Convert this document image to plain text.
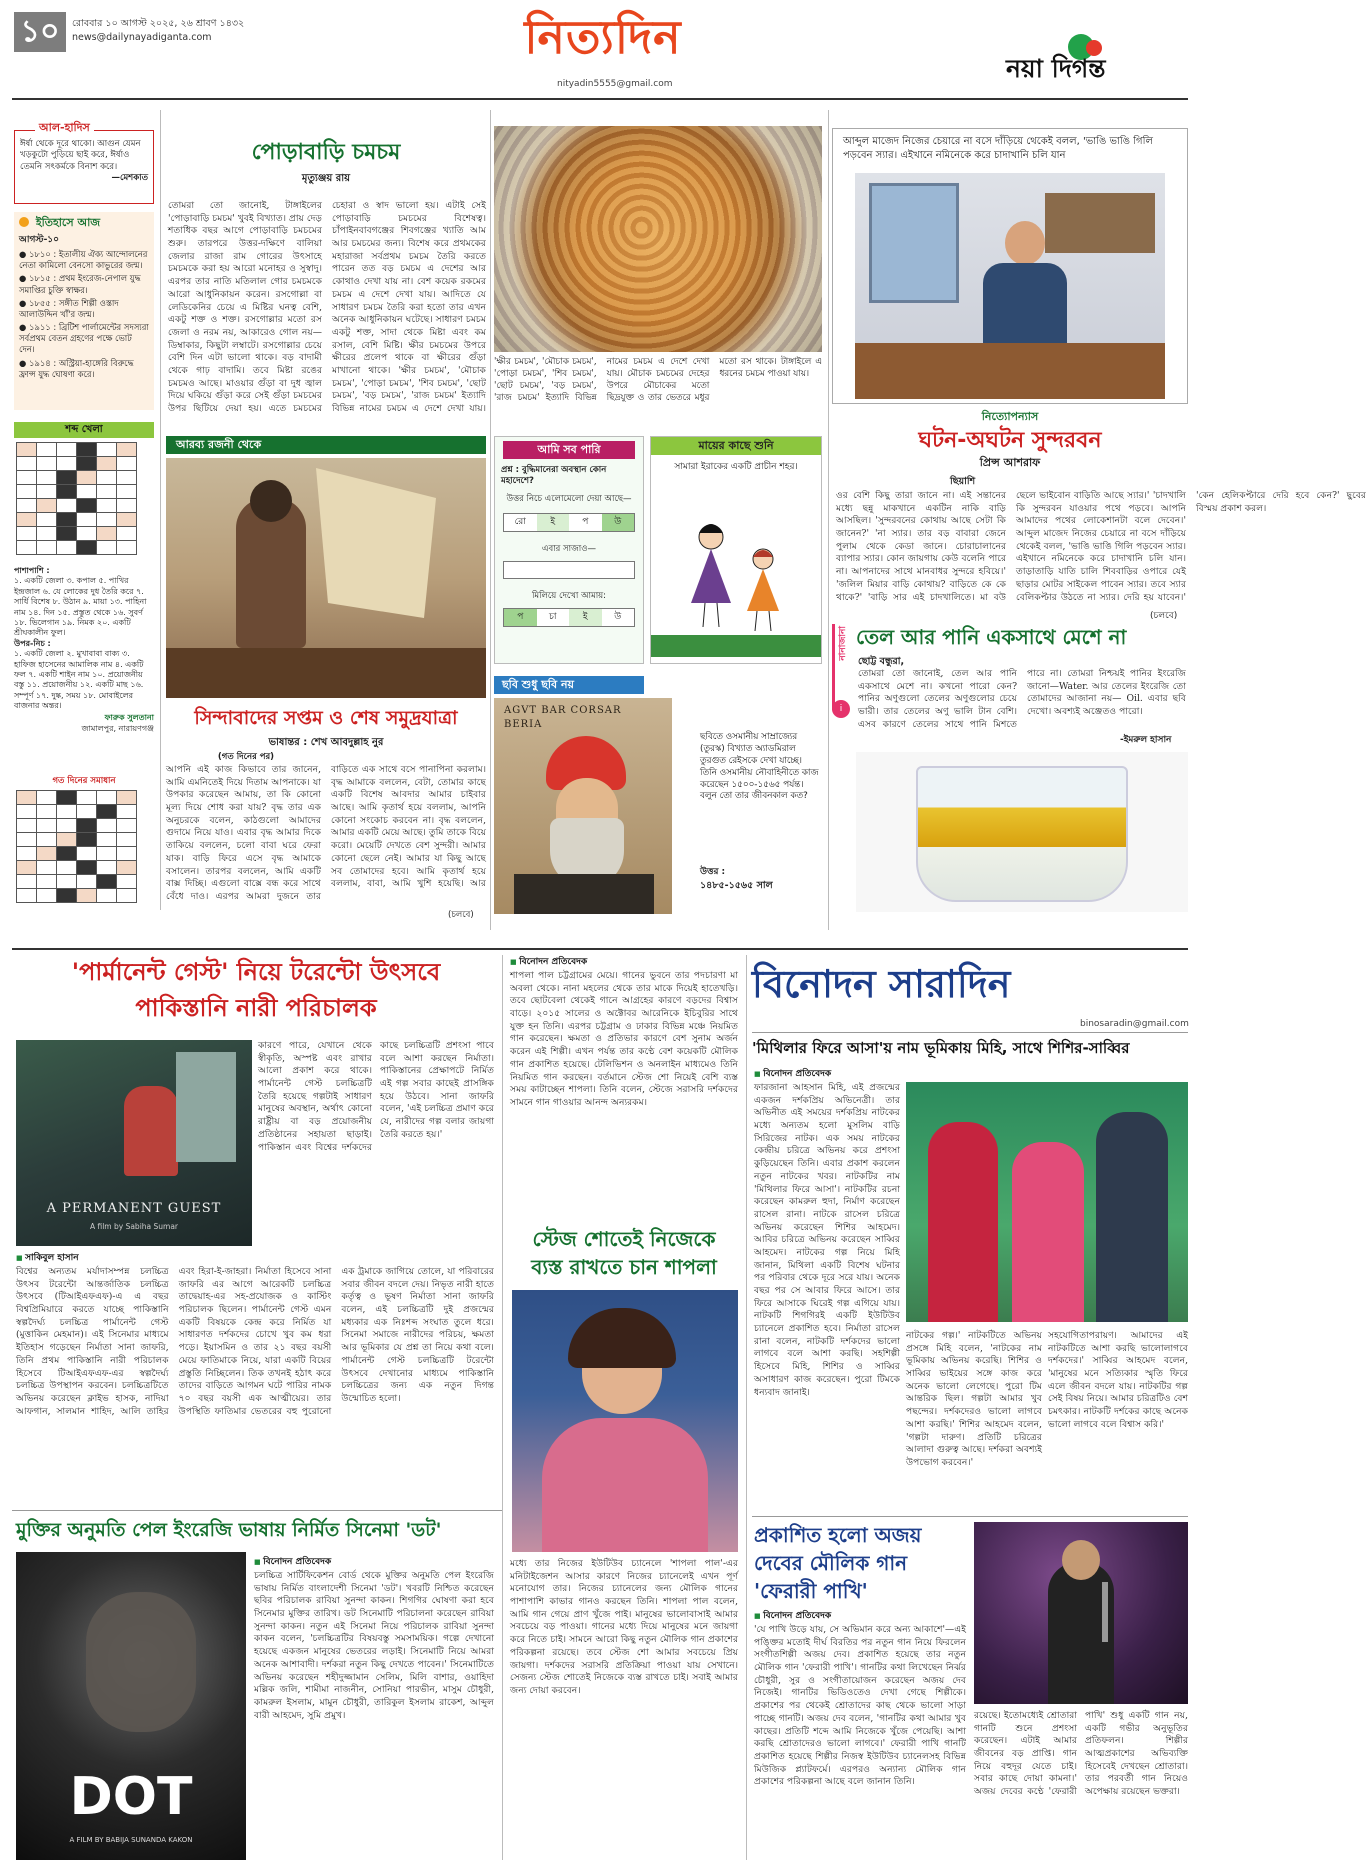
১০	রোববার ১০ আগস্ট ২০২৫, ২৬ শ্রাবণ ১৪৩২
news@dailynayadiganta.com	নিত্যদিন
nityadin5555@gmail.com
নয়া দিগন্ত
আল-হাদিস
ঈর্ষা থেকে দূরে থাকো। আগুন যেমন খড়কুটো পুড়িয়ে ছাই করে, ঈর্ষাও তেমনি সৎকর্মকে বিনাশ করে।
—মেশকাত
ইতিহাসে আজ
আগস্ট-১০
● ১৮১০ : ইতালীয় ঐক্য আন্দোলনের নেতা কামিলো বেনসো কাভুরের জন্ম।
● ১৮১৫ : প্রথম ইংরেজ-নেপাল যুদ্ধ সমাপ্তির চুক্তি স্বাক্ষর।
● ১৮৫৫ : সঙ্গীত শিল্পী ওস্তাদ আলাউদ্দিন খাঁ'র জন্ম।
● ১৯১১ : ব্রিটিশ পার্লামেন্টের সদস্যরা সর্বপ্রথম বেতন গ্রহণের পক্ষে ভোট দেন।
● ১৯১৪ : অস্ট্রিয়া-হাঙ্গেরি বিরুদ্ধে ফ্রান্স যুদ্ধ ঘোষণা করে।
শব্দ খেলা

পাশাপাশি :
১. একটি জেলা ৩. কপাল ৫. পাখির ইন্দ্রজাল ৬. যে লোকের দুধ তৈরি করে ৭. সার্ধি বিশেষ ৮. উঠান ৯. মায়া ১৩. পাহিনা নাম ১৪. দিন ১৫. প্রস্তুত থেকে ১৬. সুবর্ণ ১৮. ভিলেগান ১৯. নিমক ২০. একটি শ্রীঘকালীন ফুল।
উপর-নিচ :
১. একটি জেলা ২. মুখাবাবা বাক্য ৩. হাফিজ হাসেনের আমালিক নাম ৪. একটি ফল ৭. একটি শাইন নাম ১০. প্রয়োজনীয় বস্তু ১১. প্রয়োজনীয় ১২. একটি মাছ ১৬. সম্পূর্ণ ১৭. দুষ্ক, সময় ১৮. মোবাইলের বাজনার অন্তর।
ফারুক সুলতানা
জামালপুর, নারায়ণগঞ্জ
গত দিনের সমাধান

পোড়াবাড়ি চমচম
মৃত্যুঞ্জয় রায়
তোমরা তো জানোই, টাঙ্গাইলের 'পোড়াবাড়ি চমচম' খুবই বিখ্যাত। প্রায় দেড় শতাধিক বছর আগে পোড়াবাড়ি চমচমের শুরু। তারপরে উত্তর-দক্ষিণে বালিয়া জেলার রাজা রাম গোরের উৎসাহে চমচমকে করা হয় আরো মনোহর ও সুস্বাদু। এরপর তার নাতি মতিলাল গোর চমচমকে আরো আধুনিকায়ন করেন। রসগোল্লা বা লেডিকেনির চেয়ে এ মিষ্টির ঘনত্ব বেশি, একটু শক্ত ও শক্ত। রসগোল্লার মতো রস জেলা ও নরম নয়, আকারেও গোল নয়—ডিম্বাকার, কিছুটা লম্বাটে। রসগোল্লার চেয়ে বেশি দিন এটা ভালো থাকে। বড় বাদামী থেকে গাঢ় বাদামি। তবে মিষ্টা রঙের চমচমও আছে। মাওয়ার গুঁড়া বা দুধ জ্বাল দিয়ে ঘকিয়ে গুঁড়া করে সেই গুঁড়া চমচমের উপর ছিটিয়ে দেয়া হয়। এতে চমচমের চেহারা ও স্বাদ ভালো হয়। এটাই সেই পোড়াবাড়ি চমচমের বিশেষত্ব। চাঁপাইনবাবগঞ্জের শিবগঞ্জের খ্যাতি আম আর চমচমের জন্য। বিশেষ করে প্রথমকের মহারাজা সর্বপ্রথম চমচম তৈরি করতে পারেন তত বড় চমচম এ দেশের আর কোথাও দেখা যায় না। বেশ কয়েক রকমের চমচম এ দেশে দেখা যায়। আদিতে যে সাধারণ চমচম তৈরি করা হতো তার এখন অনেক আধুনিকায়ন ঘটেছে। সাধারণ চমচম একটু শক্ত, সাদা থেকে মিষ্টা এবং কম রসাল, বেশি মিষ্টি। ক্ষীর চমচমের উপরে ক্ষীরের প্রলেপ থাকে বা ক্ষীরের গুঁড়া মাখানো থাকে। 'ক্ষীর চমচম', 'মৌচাক চমচম', 'পোড়া চমচম', 'শিব চমচম', 'ছোট চমচম', 'বড় চমচম', 'রাজ চমচম' ইত্যাদি বিভিন্ন নামের চমচম এ দেশে দেখা যায়।
'ক্ষীর চমচম', 'মৌচাক চমচম', 'পোড়া চমচম', 'শিব চমচম', 'ছোট চমচম', 'বড় চমচম', 'রাজ চমচম' ইত্যাদি বিভিন্ন নামের চমচম এ দেশে দেখা যায়। মৌচাক চমচমের দেহের উপরে মৌচাকের মতো ছিদ্রযুক্ত ও তার ভেতরে মধুর মতো রস থাকে। টাঙ্গাইলে এ ধরনের চমচম পাওয়া যায়।
আব্দুল মাজেদ নিজের চেয়ারে না বসে দাঁড়িয়ে থেকেই বলল, 'ভাঙি ভাঙি গিলি পড়বেন স্যার। এইখানে নমিনেকে করে চাদাখানি চলি যান
নিত্যোপন্যাস
ঘটন-অঘটন সুন্দরবন
প্রিন্স আশরাফ
ছিয়াশি
ওর বেশি কিছু তারা জানে না। এই সন্তানের মধ্যে ছন্নু মাকখানে একটিন নাকি বাড়ি আসছিল। 'সুন্দরবনের কোথায় আছে সেটা কি জানেন?' 'না স্যার। তার বড় বাবারা জেনে পুলাম থেকে কেডা জানে। চোরাচালানের ব্যাপার স্যার। কোন জায়গায় কেউ বলেনি পারে না। আপনাদের সাথে মানবাধর সুন্দরে হবিয়ে।' 'জলিল মিয়ার বাড়ি কোথায়? বাড়িতে কে কে থাকে?' 'বাড়ি সার এই চাদখালিতে। মা বউ ছেলে ভাইবোন বাড়িতি আছে স্যার।' 'চাদখালি কি সুন্দরবন যাওয়ার পথে পড়বে। আপনি আমাদের পথের লোকেশানটা বলে দেবেন।' আব্দুল মাজেদ নিজের চেয়ারে না বসে দাঁড়িয়ে থেকেই বলল, 'ভাঙি ভাঙি গিলি পড়বেন স্যার। এইখানে নমিনেকে করে চাদাখানি চলি যান। তাড়াতাড়ি যাতি চালি শিববাড়ির ওপারে যেই ছাড়ার মোটর সাইকেল পাবেন স্যার। তবে স্যার বেলিকপ্টার উঠতে না স্যার। দেরি হয় যাবেন।' 'কেন হেলিকপ্টারে দেরি হবে কেন?' ছুবের বিস্ময় প্রকাশ করল।
(চলবে)
আরব্য রজনী থেকে
সিন্দাবাদের সপ্তম ও শেষ সমুদ্রযাত্রা
ভাষান্তর : শেখ আবদুল্লাহ নুর
(গত দিনের পর)
আপনি এই কাজ কিভাবে তার জানেন, আমি এমনিতেই দিয়ে দিতাম আপনাকে। যা উপকার করেছেন আমায়, তা কি কোনো মূল্য দিয়ে শোধ করা যায়? বৃদ্ধ তার এক অনুচরকে বলেন, কাঠগুলো আমাদের গুদামে নিয়ে যাও। এবার বৃদ্ধ আমার দিকে তাকিয়ে বললেন, চলো বাবা ঘরে ফেরা যাক। বাড়ি ফিরে এসে বৃদ্ধ আমাকে বসালেন। তারপর বললেন, আমি একটি বাক্স দিচ্ছি। এগুলো বাক্সে বন্ধ করে সাথে বেঁধে দাও। এরপর আমরা দুজনে তার বাড়িতে এক সাথে বসে পানাপিনা করলাম। বৃদ্ধ আমাকে বললেন, বেটা, তোমার কাছে একটি বিশেষ আবদার আমার চাইবার আছে। আমি কৃতার্থ হয়ে বললাম, আপনি কোনো সংকোচ করবেন না। বৃদ্ধ বললেন, আমার একটি মেয়ে আছে। তুমি তাকে বিয়ে করো। মেয়েটি দেখতে বেশ সুন্দরী। আমার কোনো ছেলে নেই। আমার যা কিছু আছে সব তোমাদের হবে। আমি কৃতার্থ হয়ে বললাম, বাবা, আমি খুশি হয়েছি। আর
(চলবে)
আমি সব পারি
প্রশ্ন : বুদ্ধিমানেরা অবস্থান কোন মহাদেশে?
উত্তর নিচে এলোমেলো দেয়া আছে—
রো	ই	প	উ
এবার সাজাও—
মিলিয়ে দেখো আমায়:
প	চা	ই	উ
মায়ের কাছে শুনি
সামারা ইরাকের একটি প্রাচীন শহর।
ছবি শুধু ছবি নয়
AGVT BAR CORSAR BERIA
ছবিতে ওসমানীয় সাম্রাজ্যের (তুরস্ক) বিখ্যাত অ্যাডমিরাল তুরগুত রেইসকে দেখা যাচ্ছে। তিনি ওসমানীয় নৌবাহিনীতে কাজ করেছেন ১৫০০-১৫৬৫ পর্যন্ত। বলুন তো তার জীবনকাল কত?
উত্তর :
১৪৮৫-১৫৬৫ সাল
নানাজানা
i
তেল আর পানি একসাথে মেশে না
ছোট্ট বন্ধুরা,
তোমরা তো জানোই, তেল আর পানি একসাথে মেশে না। কখনো পারো কেন? পানির অণুগুলো তেলের অণুগুলোর চেয়ে ভারী। তার তেলের অণু ভালি টান বেশি। এসব কারণে তেলের সাথে পানি মিশতে পারে না। তোমরা নিশ্চয়ই পানির ইংরেজি জানো—Water. আর তেলের ইংরেজি তো তোমাদের আজানা নয়— Oil. এবার ছবি দেখো। অবশ্যই অঞ্জেতও পারো।
-ইমরুল হাসান
'পার্মানেন্ট গেস্ট' নিয়ে টরেন্টো উৎসবে
পাকিস্তানি নারী পরিচালক
A PERMANENT GUEST
A film by Sabiha Sumar
কারণে পারে, যেখানে থেকে স্বীকৃতি, অস্পষ্ট এবং রাখার আলো প্রকাশ করে থাকে। পার্মানেন্ট গেস্ট চলচ্চিত্রটি তৈরি হয়েছে গল্পটাই সাধারণ মানুষের অবস্থান, অর্থাৎ কোনো রাষ্ট্রীয় বা বড় প্রয়োজনীয় প্রতিষ্ঠানের সহায়তা ছাড়াই। পাকিস্তান এবং বিশ্বের দর্শকদের কাছে চলচ্চিত্রটি প্রশংসা পাবে বলে আশা করছেন নির্মাতা। পাকিস্তানের প্রেক্ষাপটে নির্মিত এই গল্প সবার কাছেই প্রাসঙ্গিক হয়ে উঠবে। সানা জাফরি বলেন, 'এই চলচ্চিত্র প্রমাণ করে যে, নারীদের গল্প বলার জায়গা তৈরি করতে হয়।'
■ সাকিবুল হাসান
বিশ্বের অন্যতম মর্যাদাসম্পন্ন চলচ্চিত্র উৎসব টরেন্টো আন্তর্জাতিক চলচ্চিত্র উৎসবে (টিআইএফএফ)-এ এ বছর বিশ্বপ্রিমিয়ারে করতে যাচ্ছে পাকিস্তানি স্বল্পদৈর্ঘ্য চলচ্চিত্র পার্মানেন্ট গেস্ট (মুত্তাকিন মেহমান)। এই সিনেমার মাধ্যমে ইতিহাস গড়েছেন নির্মাতা সানা জাফরি, তিনি প্রথম পাকিস্তানি নারী পরিচালক হিসেবে টিআইএফএফ-এর স্বল্পদৈর্ঘ্য চলচ্চিত্র উপস্থাপন করবেন। চলচ্চিত্রটিতে অভিনয় করেছেন ক্লাইভ হাসক, নাদিয়া আফগান, সালমান শাহিদ, আলি তাহির এবং হিরা-ই-জাহরা। নির্মাতা হিসেবে সানা জাফরি এর আগে আরেকটি চলচ্চিত্র তাদ্বেয়াহ-এর সহ-প্রযোজক ও কাস্টিং পরিচালক ছিলেন। পার্মানেন্ট গেস্ট এমন একটি বিষয়কে কেন্দ্র করে নির্মিত যা সাধারণত দর্শকদের চোখে খুব কম ধরা পড়ে। ইয়াসমিন ও তার ২১ বছর বয়সী মেয়ে ফাতিমাকে নিয়ে, যারা একটি বিয়ের প্রস্তুতি নিচ্ছিলেন। তিক তখনই হঠাৎ করে তাদের বাড়িতে আগমন ঘটে পারির নামক ৭০ বছর বয়সী এক আত্মীয়ের। তার উপস্থিতি ফাতিমার ভেতরের বহু পুরোনো এক ট্রমাকে জাগিয়ে তোলে, যা পরিবারের সবার জীবন বদলে দেয়। নিভৃত নারী হাতে কর্তৃত্ব ও ভূষণ নির্মাতা সানা জাফরি বলেন, এই চলচ্চিত্রটি দুই প্রজন্মের মধ্যকার এক নিঃশব্দ সংঘাত তুলে ধরে। সিনেমা সমাজে নারীদের পরিচয়, ক্ষমতা আর ভূমিকার যে প্রশ্ন তা নিয়ে কথা বলে। পার্মানেন্ট গেস্ট চলচ্চিত্রটি টরেন্টো উৎসবে দেখানোর মাধ্যমে পাকিস্তানি চলচ্চিত্রের জন্য এক নতুন দিগন্ত উন্মোচিত হলো।
মুক্তির অনুমতি পেল ইংরেজি ভাষায় নির্মিত সিনেমা 'ডট'
DOT
A FILM BY BABIJA SUNANDA KAKON
■ বিনোদন প্রতিবেদক
চলচ্চিত্র সার্টিফিকেশন বোর্ড থেকে মুক্তির অনুমতি পেল ইংরেজি ভাষায় নির্মিত বাংলাদেশী সিনেমা 'ডট'। খবরটি নিশ্চিত করেছেন ছবির পরিচালক রাবিয়া সুনন্দা কাকন। শিগগির ঘোষণা করা হবে সিনেমার মুক্তির তারিখ। ডট সিনেমাটি পরিচালনা করেছেন রাবিয়া সুনন্দা কাকন। নতুন এই সিনেমা নিয়ে পরিচালক রাবিয়া সুনন্দা কাকন বলেন, 'চলচ্চিত্রটির বিষয়বস্তু সমসাময়িক। গল্পে দেখানো হয়েছে একজন মানুষের ভেতরের লড়াই। সিনেমাটি নিয়ে আমরা অনেক আশাবাদী। দর্শকরা নতুন কিছু দেখতে পাবেন।' সিনেমাটিতে অভিনয় করেছেন শহীদুজ্জামান সেলিম, মিলি বাশার, ওয়াহিদা মল্লিক জলি, শামীমা নাজনীন, সোনিয়া পারভীন, মাসুম চৌধুরী, কামরুল ইসলাম, মামুন চৌধুরী, তারিকুল ইসলাম রাকেশ, আব্দুল বারী আহমেদ, সুমি প্রমুখ।
■ বিনোদন প্রতিবেদক
শাপলা পাল চট্টগ্রামের মেয়ে। গানের ভুবনে তার পদচারণা মা অবলা থেকে। নানা মহলের থেকে তার মাকে দিয়েই হাতেখড়ি। তবে ছোটবেলা থেকেই গানে আগ্রহের কারণে বড়দের বিশ্বাস বাড়ে। ২০১৫ সালের ও অক্টোবর আরেনিকে ইচিবুরির সাথে যুক্ত হন তিনি। এরপর চট্টগ্রাম ও ঢাকার বিভিন্ন মঞ্চে নিয়মিত গান করেছেন। ক্ষমতা ও প্রতিভার কারণে বেশ সুনাম অর্জন করেন এই শিল্পী। এখন পর্যন্ত তার কণ্ঠে বেশ কয়েকটি মৌলিক গান প্রকাশিত হয়েছে। টেলিভিশন ও অনলাইন মাধ্যমেও তিনি নিয়মিত গান করছেন। বর্তমানে স্টেজ শো নিয়েই বেশি ব্যস্ত সময় কাটাচ্ছেন শাপলা। তিনি বলেন, স্টেজে সরাসরি দর্শকদের সামনে গান গাওয়ার আনন্দ অন্যরকম।
স্টেজ শোতেই নিজেকে
ব্যস্ত রাখতে চান শাপলা
মধ্যে তার নিজের ইউটিউব চ্যানেলে 'শাপলা পাল'-এর মনিটাইজেশন আসার কারণে নিজের চ্যানেলেই এখন পূর্ণ মনোযোগ তার। নিজের চ্যানেলের জন্য মৌলিক গানের পাশাপাশি কাভার গানও করছেন তিনি। শাপলা পাল বলেন, আমি গান গেয়ে প্রাণ খুঁজে পাই। মানুষের ভালোবাসাই আমার সবচেয়ে বড় পাওয়া। গানের মধ্যে দিয়ে মানুষের মনে জায়গা করে নিতে চাই। সামনে আরো কিছু নতুন মৌলিক গান প্রকাশের পরিকল্পনা রয়েছে। তবে স্টেজ শো আমার সবচেয়ে প্রিয় জায়গা। দর্শকদের সরাসরি প্রতিক্রিয়া পাওয়া যায় সেখানে। সেজন্য স্টেজ শোতেই নিজেকে ব্যস্ত রাখতে চাই। সবাই আমার জন্য দোয়া করবেন।
বিনোদন সারাদিন
binosaradin@gmail.com
'মিথিলার ফিরে আসা'য় নাম ভূমিকায় মিহি, সাথে শিশির-সাব্বির
■ বিনোদন প্রতিবেদক
ফারজানা আহসান মিহি, এই প্রজন্মের একজন দর্শকপ্রিয় অভিনেত্রী। তার অভিনীত এই সময়ের দর্শকপ্রিয় নাটকের মধ্যে অন্যতম হলো মুসলিম বাড়ি সিরিজের নাটক। এক সময় নাটকের কেন্দ্রীয় চরিত্রে অভিনয় করে প্রশংসা কুড়িয়েছেন তিনি। এবার প্রকাশ করলেন নতুন নাটকের খবর। নাটকটির নাম 'মিথিলার ফিরে আসা'। নাটকটির রচনা করেছেন কামরুল হুদা, নির্মাণ করেছেন রাসেল রানা। নাটকে রাসেল চরিত্রে অভিনয় করেছেন শিশির আহমেদ। আবির চরিত্রে অভিনয় করেছেন সাব্বির আহমেদ। নাটকের গল্প নিয়ে মিহি জানান, মিথিলা একটি বিশেষ ঘটনার পর পরিবার থেকে দূরে সরে যায়। অনেক বছর পর সে আবার ফিরে আসে। তার ফিরে আসাকে ঘিরেই গল্প এগিয়ে যায়। নাটকটি শিগগিরই একটি ইউটিউব চ্যানেলে প্রকাশিত হবে। নির্মাতা রাসেল রানা বলেন, নাটকটি দর্শকদের ভালো লাগবে বলে আশা করছি। সহশিল্পী হিসেবে মিহি, শিশির ও সাব্বির অসাধারণ কাজ করেছেন। পুরো টিমকে ধন্যবাদ জানাই।
নাটকের গল্প।' নাটকটিতে অভিনয় প্রসঙ্গে মিহি বলেন, 'নাটকের নাম ভূমিকায় অভিনয় করেছি। শিশির ও সাব্বির ভাইয়ের সঙ্গে কাজ করে অনেক ভালো লেগেছে। পুরো টিম আন্তরিক ছিল। গল্পটা আমার খুব পছন্দের। দর্শকদেরও ভালো লাগবে আশা করছি।' শিশির আহমেদ বলেন, 'গল্পটা দারুণ। প্রতিটি চরিত্রের আলাদা গুরুত্ব আছে। দর্শকরা অবশ্যই উপভোগ করবেন।'
সহযোগিতাপরায়ণ। আমাদের এই নাটকটিতে আশা করছি ভালোলাগবে দর্শকদের।' সাব্বির আহমেদ বলেন, 'মানুষের মনে সত্যিকার স্মৃতি ফিরে এলে জীবন বদলে যায়। নাটকটির গল্প সেই বিষয় নিয়ে। আমার চরিত্রটিও বেশ চমৎকার। নাটকটি দর্শকের কাছে অনেক ভালো লাগবে বলে বিশ্বাস করি।'
প্রকাশিত হলো অজয়
দেবের মৌলিক গান
'ফেরারী পাখি'
■ বিনোদন প্রতিবেদক
'যে পাখি উড়ে যায়, সে অভিমান করে অন্য আকাশে'—এই পঙ্ক্তির মতোই দীর্ঘ বিরতির পর নতুন গান নিয়ে ফিরলেন সংগীতশিল্পী অজয় দেব। প্রকাশিত হয়েছে তার নতুন মৌলিক গান 'ফেরারী পাখি'। গানটির কথা লিখেছেন নির্ঝর চৌধুরী, সুর ও সংগীতায়োজন করেছেন অজয় দেব নিজেই। গানটির ভিডিওতেও দেখা গেছে শিল্পীকে। প্রকাশের পর থেকেই শ্রোতাদের কাছ থেকে ভালো সাড়া পাচ্ছে গানটি। অজয় দেব বলেন, 'গানটির কথা আমার খুব কাছের। প্রতিটি শব্দে আমি নিজেকে খুঁজে পেয়েছি। আশা করছি শ্রোতাদেরও ভালো লাগবে।' ফেরারী পাখি গানটি প্রকাশিত হয়েছে শিল্পীর নিজস্ব ইউটিউব চ্যানেলসহ বিভিন্ন মিউজিক প্ল্যাটফর্মে। এরপরও অন্যান্য মৌলিক গান প্রকাশের পরিকল্পনা আছে বলে জানান তিনি।
রয়েছে। ইতোমধ্যেই শ্রোতারা গানটি শুনে প্রশংসা করেছেন। এটাই আমার জীবনের বড় প্রাপ্তি। গান নিয়ে বহুদূর যেতে চাই। সবার কাছে দোয়া কামনা।' অজয় দেবের কণ্ঠে 'ফেরারী পাখি' শুধু একটি গান নয়, একটি গভীর অনুভূতির প্রতিফলন। শিল্পীর আত্মপ্রকাশের অভিব্যক্তি হিসেবেই দেখছেন শ্রোতারা। তার পরবর্তী গান নিয়েও অপেক্ষায় রয়েছেন ভক্তরা।
